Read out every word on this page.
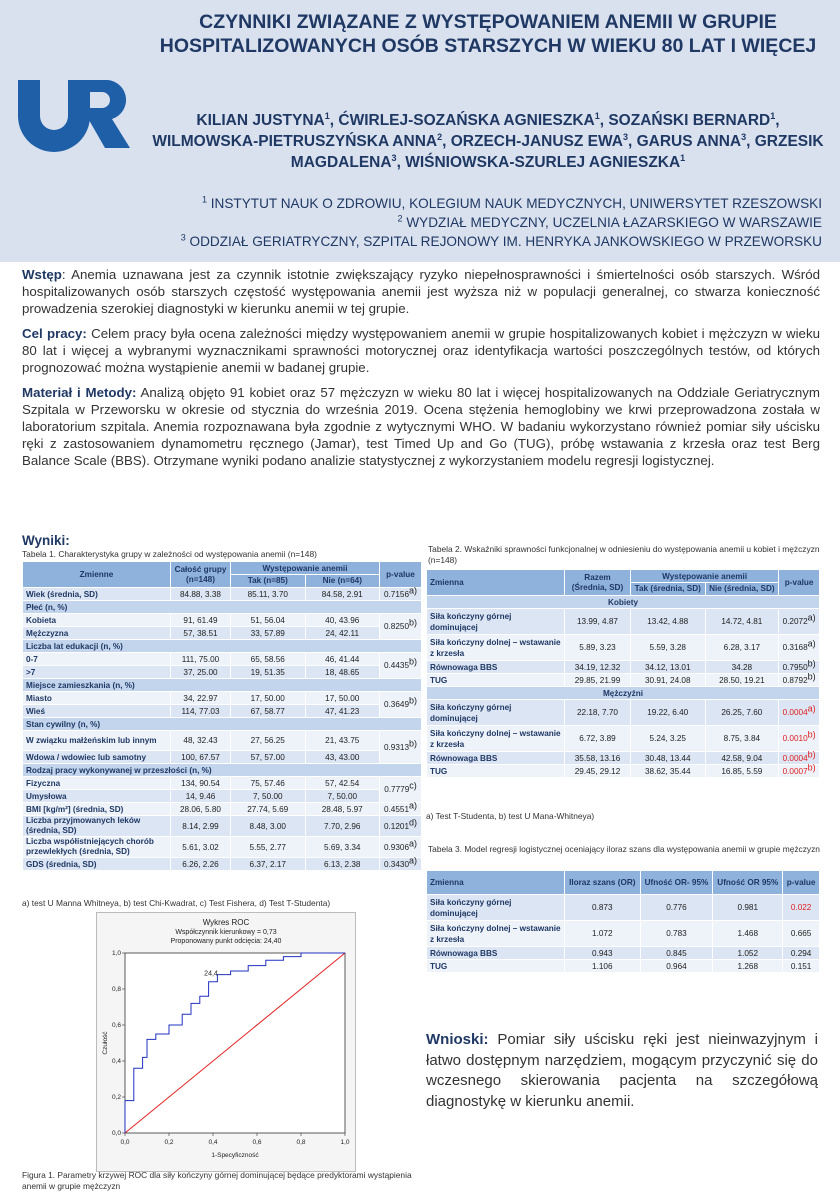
CZYNNIKI ZWIĄZANE Z WYSTĘPOWANIEM ANEMII W GRUPIE HOSPITALIZOWANYCH OSÓB STARSZYCH W WIEKU 80 LAT I WIĘCEJ
KILIAN JUSTYNA$^1$, ĆWIRLEJ-SOZAŃSKA AGNIESZKA$^1$, SOZAŃSKI BERNARD$^1$, WILMOWSKA-PIETRUSZYŃSKA ANNA$^2$, ORZECH-JANUSZ EWA$^3$, GARUS ANNA$^3$, GRZESIK MAGDALENA$^3$, WIŚNIOWSKA-SZURLEJ AGNIESZKA$^1$
$^1$ INSTYTUT NAUK O ZDROWIU, KOLEGIUM NAUK MEDYCZNYCH, UNIWERSYTET RZESZOWSKI
$^2$ WYDZIAŁ MEDYCZNY, UCZELNIA ŁAZARSKIEGO W WARSZAWIE
$^3$ ODDZIAŁ GERIATRYCZNY, SZPITAL REJONOWY IM. HENRYKA JANKOWSKIEGO W PRZEWORSKU

Wstęp: Anemia uznawana jest za czynnik istotnie zwiększający ryzyko niepełnosprawności i śmiertelności osób starszych. Wśród hospitalizowanych osób starszych częstość występowania anemii jest wyższa niż w populacji generalnej, co stwarza konieczność prowadzenia szerokiej diagnostyki w kierunku anemii w tej grupie.

Cel pracy: Celem pracy była ocena zależności między występowaniem anemii w grupie hospitalizowanych kobiet i mężczyzn w wieku 80 lat i więcej a wybranymi wyznacznikami sprawności motorycznej oraz identyfikacja wartości poszczególnych testów, od których prognozować można wystąpienie anemii w badanej grupie.

Materiał i Metody: Analizą objęto 91 kobiet oraz 57 mężczyzn w wieku 80 lat i więcej hospitalizowanych na Oddziale Geriatrycznym Szpitala w Przeworsku w okresie od stycznia do września 2019. Ocena stężenia hemoglobiny we krwi przeprowadzona została w laboratorium szpitala. Anemia rozpoznawana była zgodnie z wytycznymi WHO. W badaniu wykorzystano również pomiar siły uścisku ręki z zastosowaniem dynamometru ręcznego (Jamar), test Timed Up and Go (TUG), próbę wstawania z krzesła oraz test Berg Balance Scale (BBS). Otrzymane wyniki podano analizie statystycznej z wykorzystaniem modelu regresji logistycznej.

Wyniki:
Tabela 1. Charakterystyka grupy w zależności od występowania anemii (n=148)
Zmienne	Całość grupy (n=148)	Występowanie anemii		p-value
		Tak (n=85)	Nie (n=64)	
Wiek (średnia, SD)	84.88, 3.38	85.11, 3.70	84.58, 2.91	0.7156a)
Płeć (n, %)				
Kobieta	91, 61.49	51, 56.04	40, 43.96	0.8250b)
Mężczyzna	57, 38.51	33, 57.89	24, 42.11	
Liczba lat edukacji (n, %)				
0-7	111, 75.00	65, 58.56	46, 41.44	0.4435b)
>7	37, 25.00	19, 51.35	18, 48.65	
Miejsce zamieszkania (n, %)				
Miasto	34, 22.97	17, 50.00	17, 50.00	0.3649b)
Wieś	114, 77.03	67, 58.77	47, 41.23	
Stan cywilny (n, %)				
W związku małżeńskim lub innym	48, 32.43	27, 56.25	21, 43.75	0.9313b)
Wdowa / wdowiec lub samotny	100, 67.57	57, 57.00	43, 43.00	
Rodzaj pracy wykonywanej w przeszłości (n, %)				
Fizyczna	134, 90.54	75, 57.46	57, 42.54	0.7779c)
Umysłowa	14, 9.46	7, 50.00	7, 50.00	
BMI [kg/m²] (średnia, SD)	28.06, 5.80	27.74, 5.69	28.48, 5.97	0.4551a)
Liczba przyjmowanych leków (średnia, SD)	8.14, 2.99	8.48, 3.00	7.70, 2.96	0.1201d)
Liczba współistniejących chorób przewlekłych (średnia, SD)	5.61, 3.02	5.55, 2.77	5.69, 3.34	0.9306a)
GDS (średnia, SD)	6.26, 2.26	6.37, 2.17	6.13, 2.38	0.3430a)
a) test U Manna Whitneya, b) test Chi-Kwadrat, c) Test Fishera, d) Test T-Studenta)
Tabela 2. Wskaźniki sprawności funkcjonalnej w odniesieniu do występowania anemii u kobiet i mężczyzn (n=148)
Zmienna	Razem (Średnia, SD)	Występowanie anemii		p-value
		Tak (średnia, SD)	Nie (średnia, SD)	
Kobiety				
Siła kończyny górnej dominującej	13.99, 4.87	13.42, 4.88	14.72, 4.81	0.2072a)
Siła kończyny dolnej – wstawanie z krzesła	5.89, 3.23	5.59, 3.28	6.28, 3.17	0.3168a)
Równowaga BBS	34.19, 12.32	34.12, 13.01	34.28	0.7950b)
TUG	29.85, 21.99	30.91, 24.08	28.50, 19.21	0.8792b)
Mężczyźni				
Siła kończyny górnej dominującej	22.18, 7.70	19.22, 6.40	26.25, 7.60	0.0004a)
Siła kończyny dolnej – wstawanie z krzesła	6.72, 3.89	5.24, 3.25	8.75, 3.84	0.0010b)
Równowaga BBS	35.58, 13.16	30.48, 13.44	42.58, 9.04	0.0004b)
TUG	29.45, 29.12	38.62, 35.44	16.85, 5.59	0.0007b)
a) Test T-Studenta, b) test U Mana-Whitneya)
Tabela 3. Model regresji logistycznej oceniający iloraz szans dla występowania anemii w grupie mężczyzn
Zmienna	Iloraz szans (OR)	Ufność OR- 95%	Ufność OR 95%	p-value
Siła kończyny górnej dominującej	0.873	0.776	0.981	0.022
Siła kończyny dolnej – wstawanie z krzesła	1.072	0.783	1.468	0.665
Równowaga BBS	0.943	0.845	1.052	0.294
TUG	1.106	0.964	1.268	0.151
Wykres ROC
Współczynnik kierunkowy = 0,73
Proponowany punkt odcięcia: 24,40
0,0	0,2	0,4	0,6	0,8	1,0
0,0
0,2
0,4
0,6
0,8
1,0
1-Specyficzność
Czułość
24,4
Figura 1. Parametry krzywej ROC dla siły kończyny górnej dominującej będące predyktorami wystąpienia anemii w grupie mężczyzn
Wnioski: Pomiar siły uścisku ręki jest nieinwazyjnym i łatwo dostępnym narzędziem, mogącym przyczynić się do wczesnego skierowania pacjenta na szczegółową diagnostykę w kierunku anemii.
